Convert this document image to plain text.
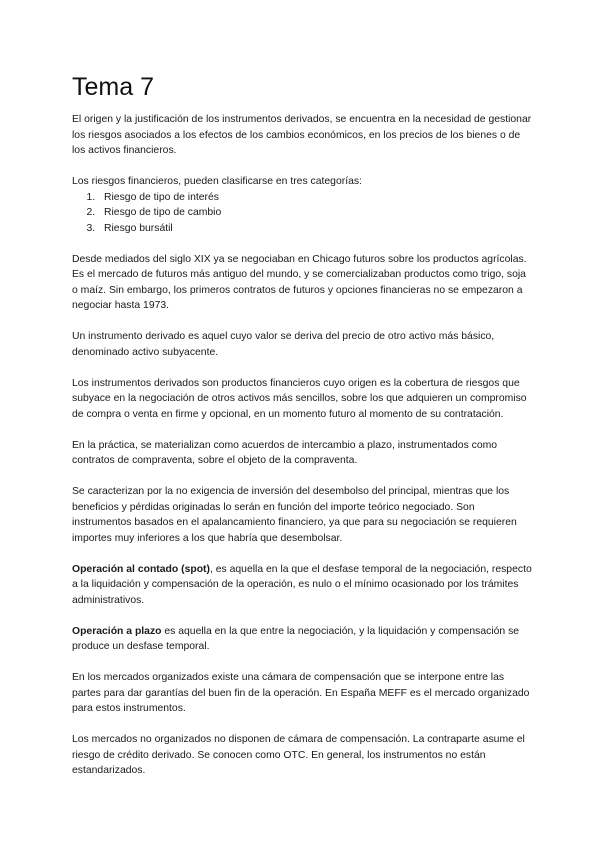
Tema 7

El origen y la justificación de los instrumentos derivados, se encuentra en la necesidad de gestionar los riesgos asociados a los efectos de los cambios económicos, en los precios de los bienes o de los activos financieros.

Los riesgos financieros, pueden clasificarse en tres categorías:

1. Riesgo de tipo de interés
2. Riesgo de tipo de cambio
3. Riesgo bursátil

Desde mediados del siglo XIX ya se negociaban en Chicago futuros sobre los productos agrícolas. Es el mercado de futuros más antiguo del mundo, y se comercializaban productos como trigo, soja o maíz. Sin embargo, los primeros contratos de futuros y opciones financieras no se empezaron a negociar hasta 1973.

Un instrumento derivado es aquel cuyo valor se deriva del precio de otro activo más básico, denominado activo subyacente.

Los instrumentos derivados son productos financieros cuyo origen es la cobertura de riesgos que subyace en la negociación de otros activos más sencillos, sobre los que adquieren un compromiso de compra o venta en firme y opcional, en un momento futuro al momento de su contratación.

En la práctica, se materializan como acuerdos de intercambio a plazo, instrumentados como contratos de compraventa, sobre el objeto de la compraventa.

Se caracterizan por la no exigencia de inversión del desembolso del principal, mientras que los beneficios y pérdidas originadas lo serán en función del importe teórico negociado. Son instrumentos basados en el apalancamiento financiero, ya que para su negociación se requieren importes muy inferiores a los que habría que desembolsar.

Operación al contado (spot), es aquella en la que el desfase temporal de la negociación, respecto a la liquidación y compensación de la operación, es nulo o el mínimo ocasionado por los trámites administrativos.

Operación a plazo es aquella en la que entre la negociación, y la liquidación y compensación se produce un desfase temporal.

En los mercados organizados existe una cámara de compensación que se interpone entre las partes para dar garantías del buen fin de la operación. En España MEFF es el mercado organizado para estos instrumentos.

Los mercados no organizados no disponen de cámara de compensación. La contraparte asume el riesgo de crédito derivado. Se conocen como OTC. En general, los instrumentos no están estandarizados.
